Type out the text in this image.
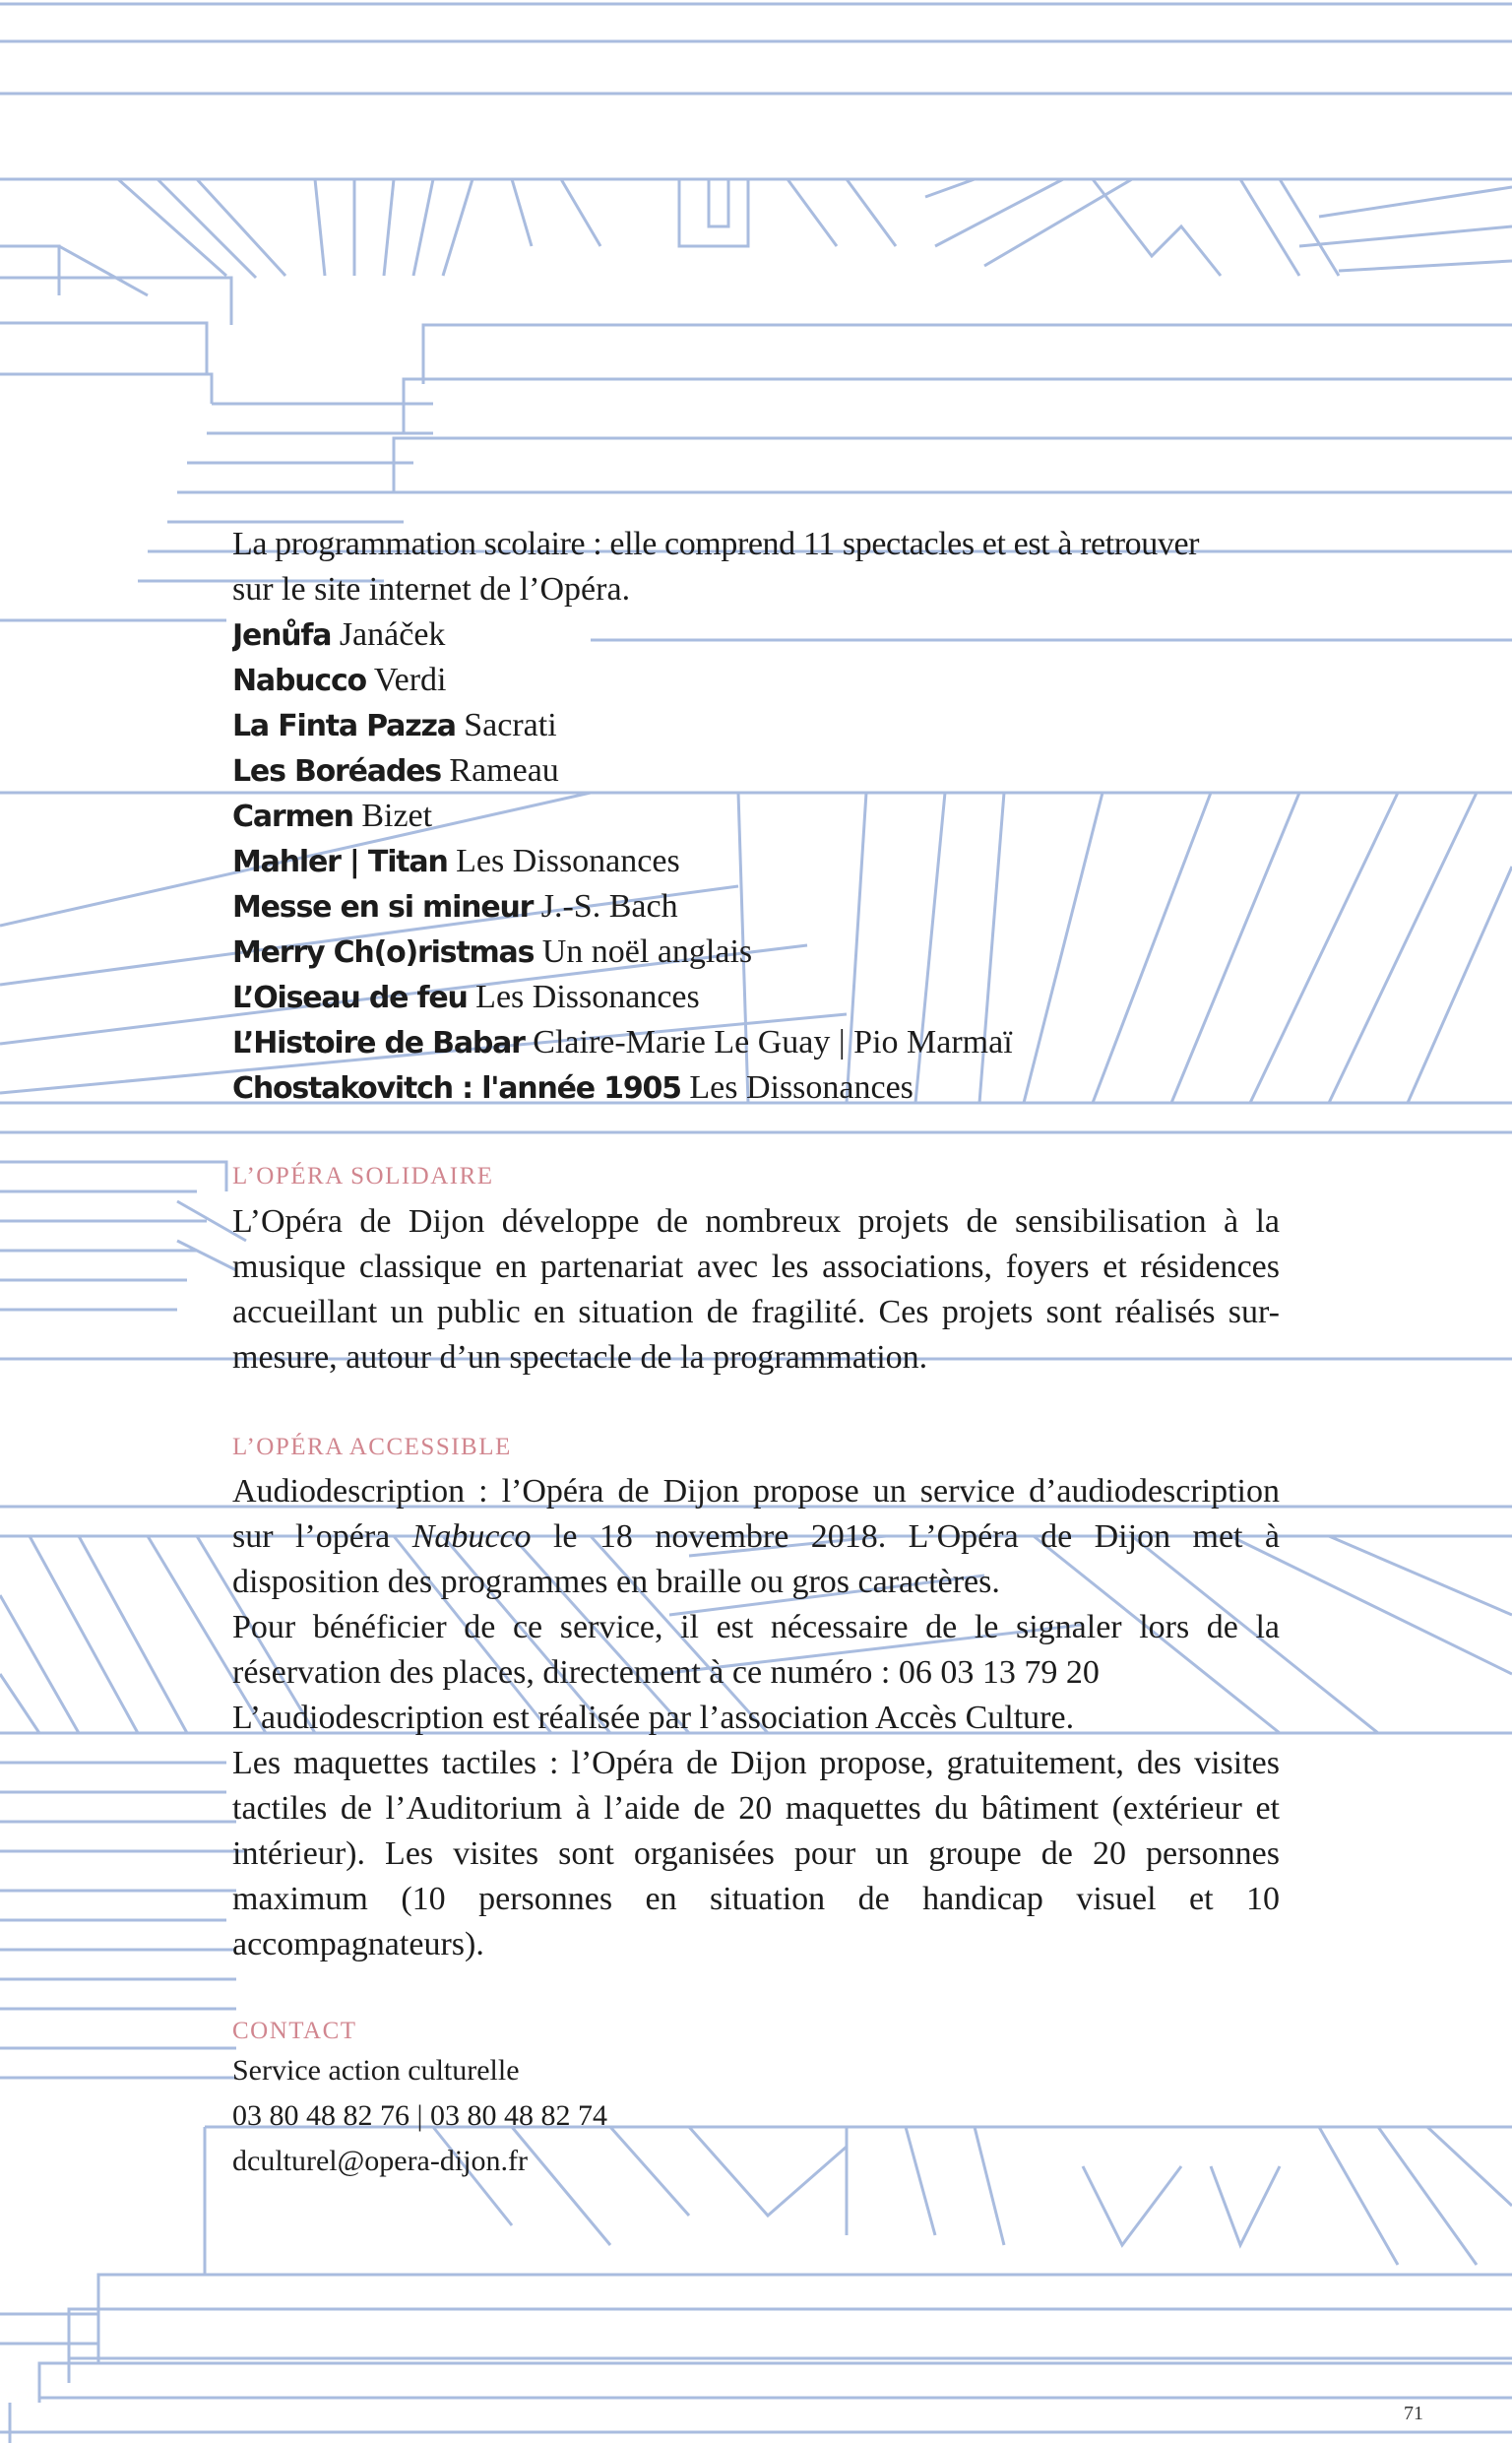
La programmation scolaire : elle comprend 11 spectacles et est à retrouver
sur le site internet de l’Opéra.
Jenůfa Janáček
Nabucco Verdi
La Finta Pazza Sacrati
Les Boréades Rameau
Carmen Bizet
Mahler | Titan Les Dissonances
Messe en si mineur J.-S. Bach
Merry Ch(o)ristmas Un noël anglais
L’Oiseau de feu Les Dissonances
L’Histoire de Babar Claire-Marie Le Guay | Pio Marmaï
Chostakovitch : l'année 1905 Les Dissonances
L’OPÉRA SOLIDAIRE

L’Opéra de Dijon développe de nombreux projets de sensibilisation à la musique classique en partenariat avec les associations, foyers et résidences accueillant un public en situation de fragilité. Ces projets sont réalisés sur-mesure, autour d’un spectacle de la programmation.

L’OPÉRA ACCESSIBLE

Audiodescription : l’Opéra de Dijon propose un service d’audiodescription sur l’opéra Nabucco le 18 novembre 2018. L’Opéra de Dijon met à disposition des programmes en braille ou gros caractères.

Pour bénéficier de ce service, il est nécessaire de le signaler lors de la réservation des places, directement à ce numéro : 06 03 13 79 20

L’audiodescription est réalisée par l’association Accès Culture.

Les maquettes tactiles : l’Opéra de Dijon propose, gratuitement, des visites tactiles de l’Auditorium à l’aide de 20 maquettes du bâtiment (extérieur et intérieur). Les visites sont organisées pour un groupe de 20 personnes maximum (10 personnes en situation de handicap visuel et 10 accompagnateurs).

CONTACT
Service action culturelle
03 80 48 82 76 | 03 80 48 82 74
dculturel@opera-dijon.fr
71
